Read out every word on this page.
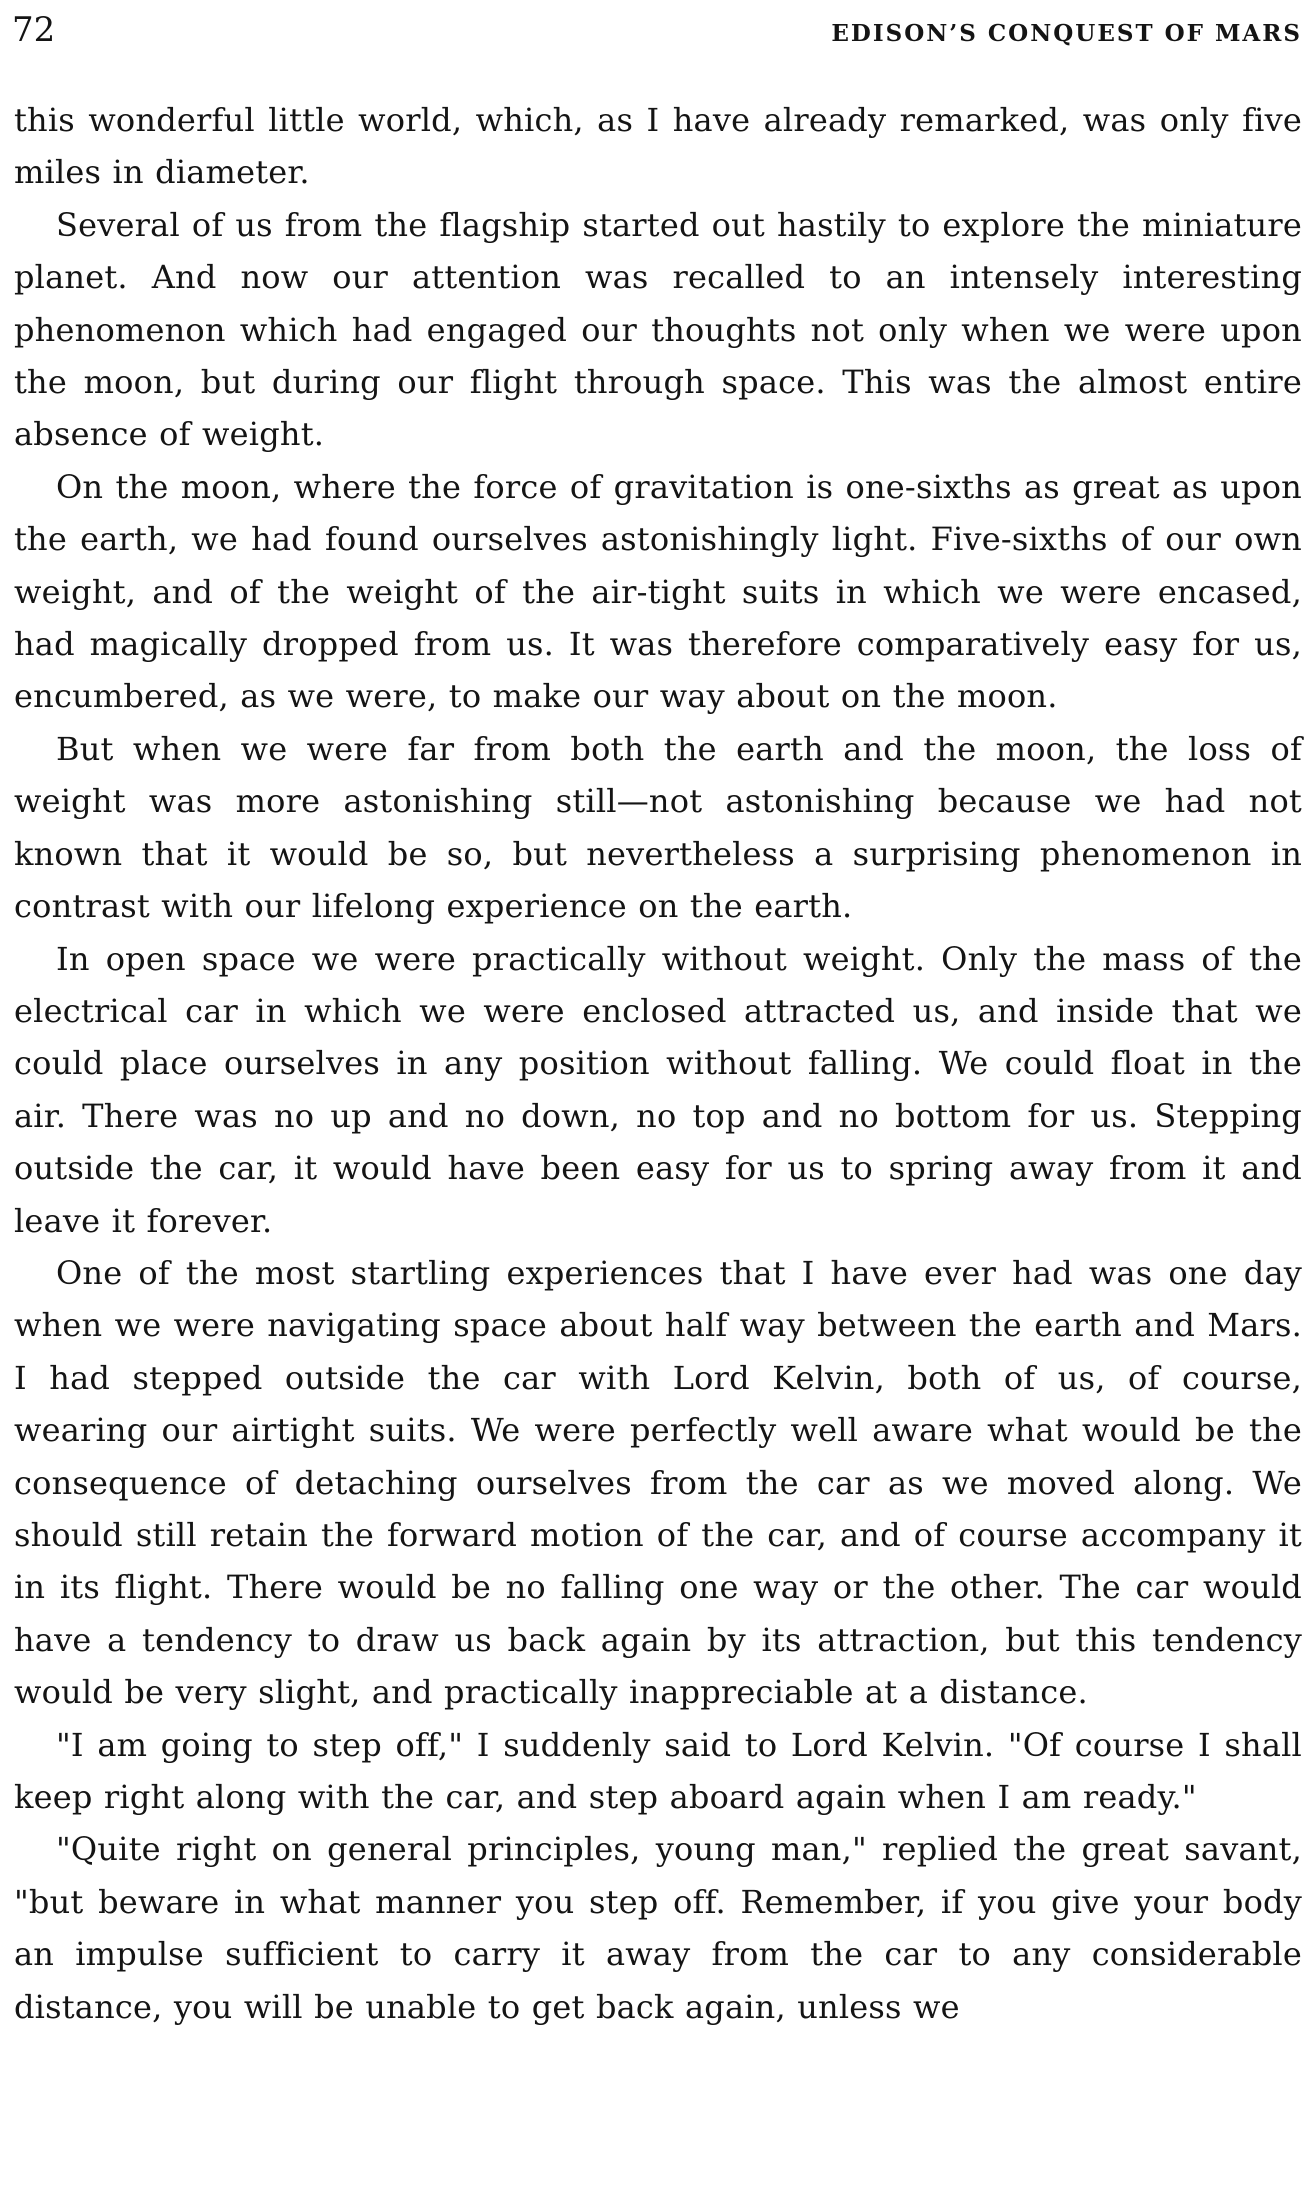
72	EDISON’S CONQUEST OF MARS

this wonderful little world, which, as I have already remarked, was only five miles in diameter.

Several of us from the flagship started out hastily to explore the miniature planet. And now our attention was recalled to an intensely interesting phenomenon which had engaged our thoughts not only when we were upon the moon, but during our flight through space. This was the almost entire absence of weight.

On the moon, where the force of gravitation is one-sixths as great as upon the earth, we had found ourselves astonishingly light. Five-sixths of our own weight, and of the weight of the air-tight suits in which we were encased, had magically dropped from us. It was therefore comparatively easy for us, encumbered, as we were, to make our way about on the moon.

But when we were far from both the earth and the moon, the loss of weight was more astonishing still—not astonishing because we had not known that it would be so, but nevertheless a surprising phenomenon in contrast with our lifelong experience on the earth.

In open space we were practically without weight. Only the mass of the electrical car in which we were enclosed attracted us, and inside that we could place ourselves in any position without falling. We could float in the air. There was no up and no down, no top and no bottom for us. Stepping outside the car, it would have been easy for us to spring away from it and leave it forever.

One of the most startling experiences that I have ever had was one day when we were navigating space about half way between the earth and Mars. I had stepped outside the car with Lord Kelvin, both of us, of course, wearing our airtight suits. We were perfectly well aware what would be the consequence of detaching ourselves from the car as we moved along. We should still retain the forward motion of the car, and of course accompany it in its flight. There would be no falling one way or the other. The car would have a tendency to draw us back again by its attraction, but this tendency would be very slight, and practically inappreciable at a distance.

"I am going to step off," I suddenly said to Lord Kelvin. "Of course I shall keep right along with the car, and step aboard again when I am ready."

"Quite right on general principles, young man," replied the great savant, "but beware in what manner you step off. Remember, if you give your body an impulse sufficient to carry it away from the car to any considerable distance, you will be unable to get back again, unless we
